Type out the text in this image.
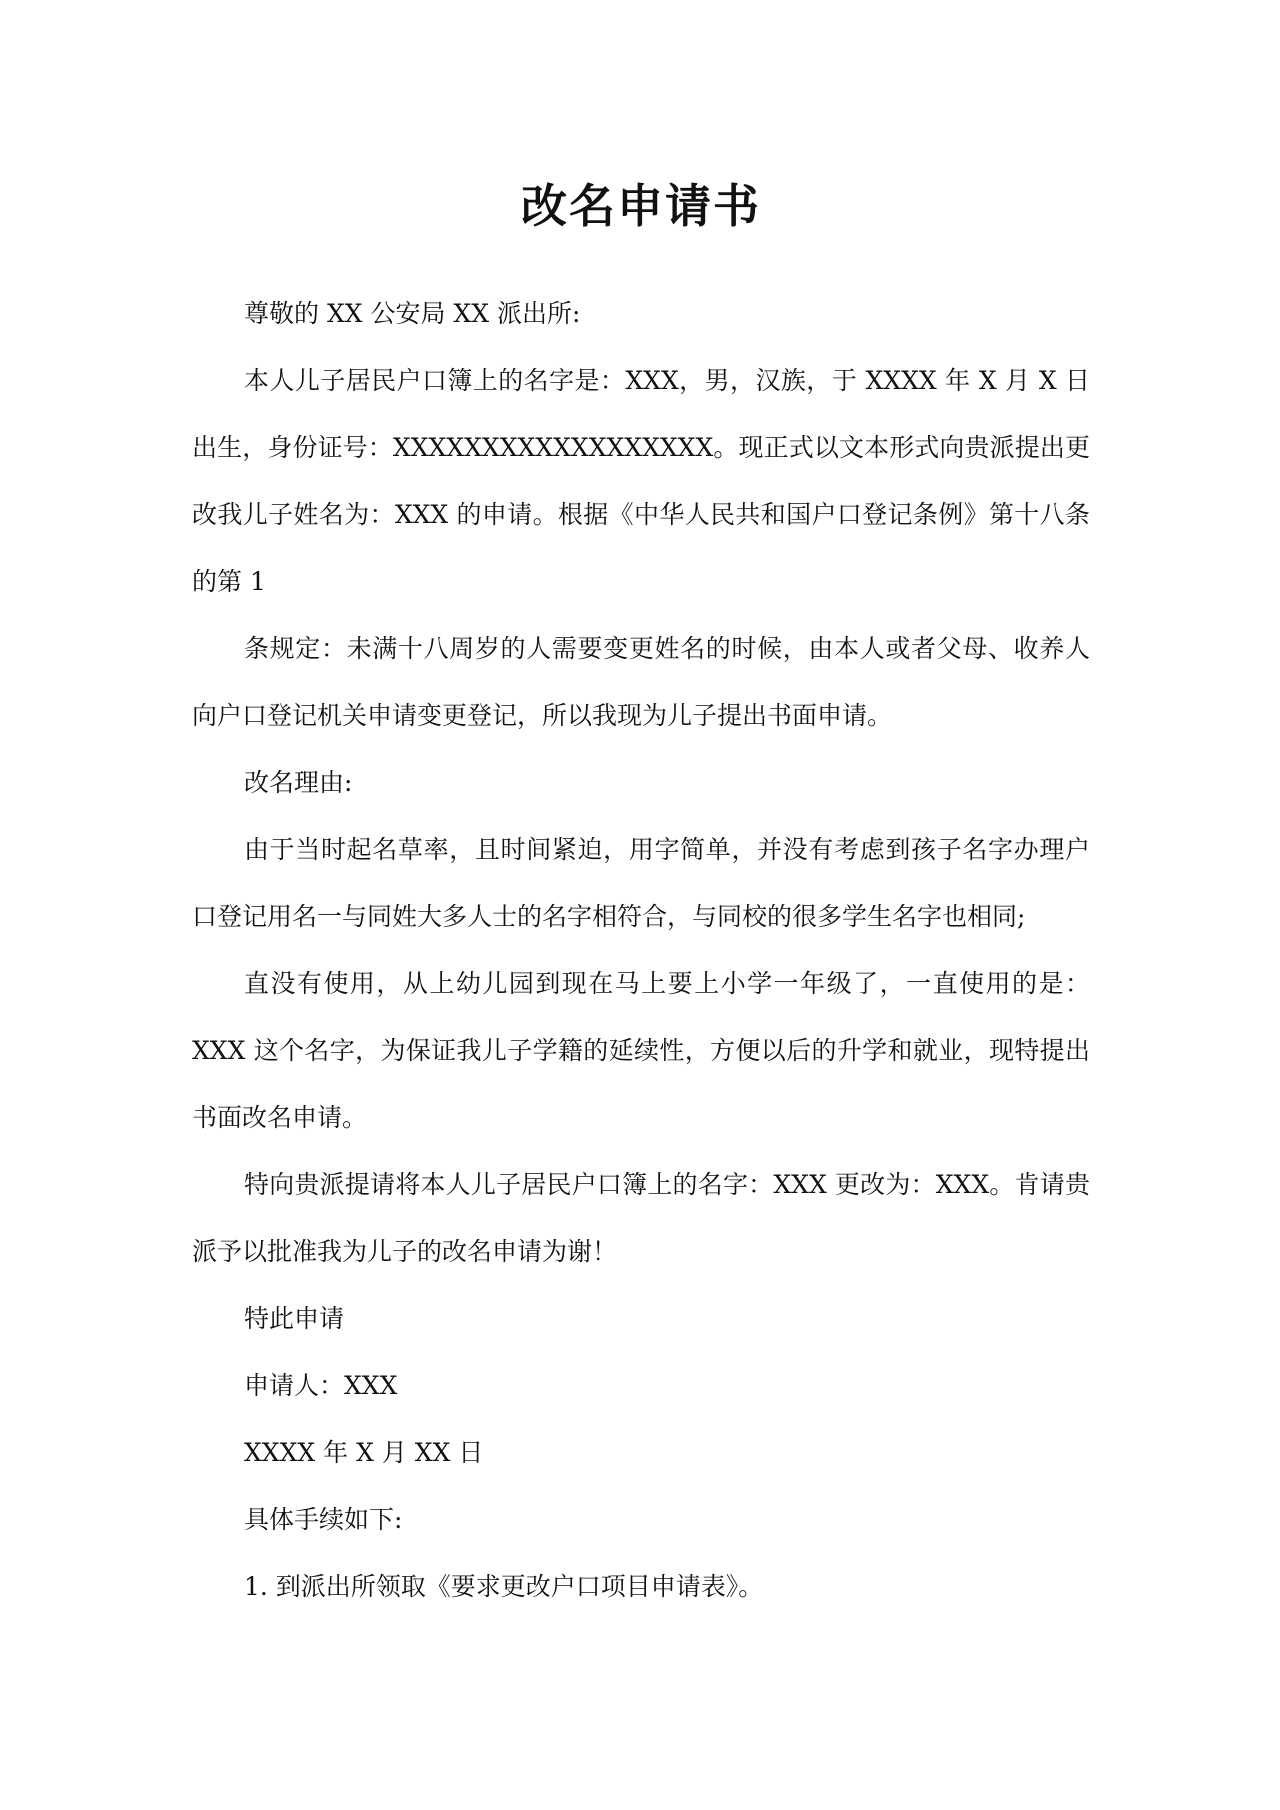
改名申请书

尊敬的 XX 公安局 XX 派出所:

本人儿子居民户口簿上的名字是：XXX，男，汉族，于 XXXX 年 X 月 X 日出生，身份证号：XXXXXXXXXXXXXXXXXX。现正式以文本形式向贵派提出更改我儿子姓名为：XXX 的申请。根据《中华人民共和国户口登记条例》第十八条的第 1

条规定：未满十八周岁的人需要变更姓名的时候，由本人或者父母、收养人向户口登记机关申请变更登记，所以我现为儿子提出书面申请。

改名理由:

由于当时起名草率，且时间紧迫，用字简单，并没有考虑到孩子名字办理户口登记用名一与同姓大多人士的名字相符合，与同校的很多学生名字也相同;

直没有使用，从上幼儿园到现在马上要上小学一年级了，一直使用的是：XXX 这个名字，为保证我儿子学籍的延续性，方便以后的升学和就业，现特提出书面改名申请。

特向贵派提请将本人儿子居民户口簿上的名字：XXX 更改为：XXX。肯请贵派予以批准我为儿子的改名申请为谢！

特此申请

申请人：XXX

XXXX 年 X 月 XX 日

具体手续如下:

1. 到派出所领取《要求更改户口项目申请表》。
